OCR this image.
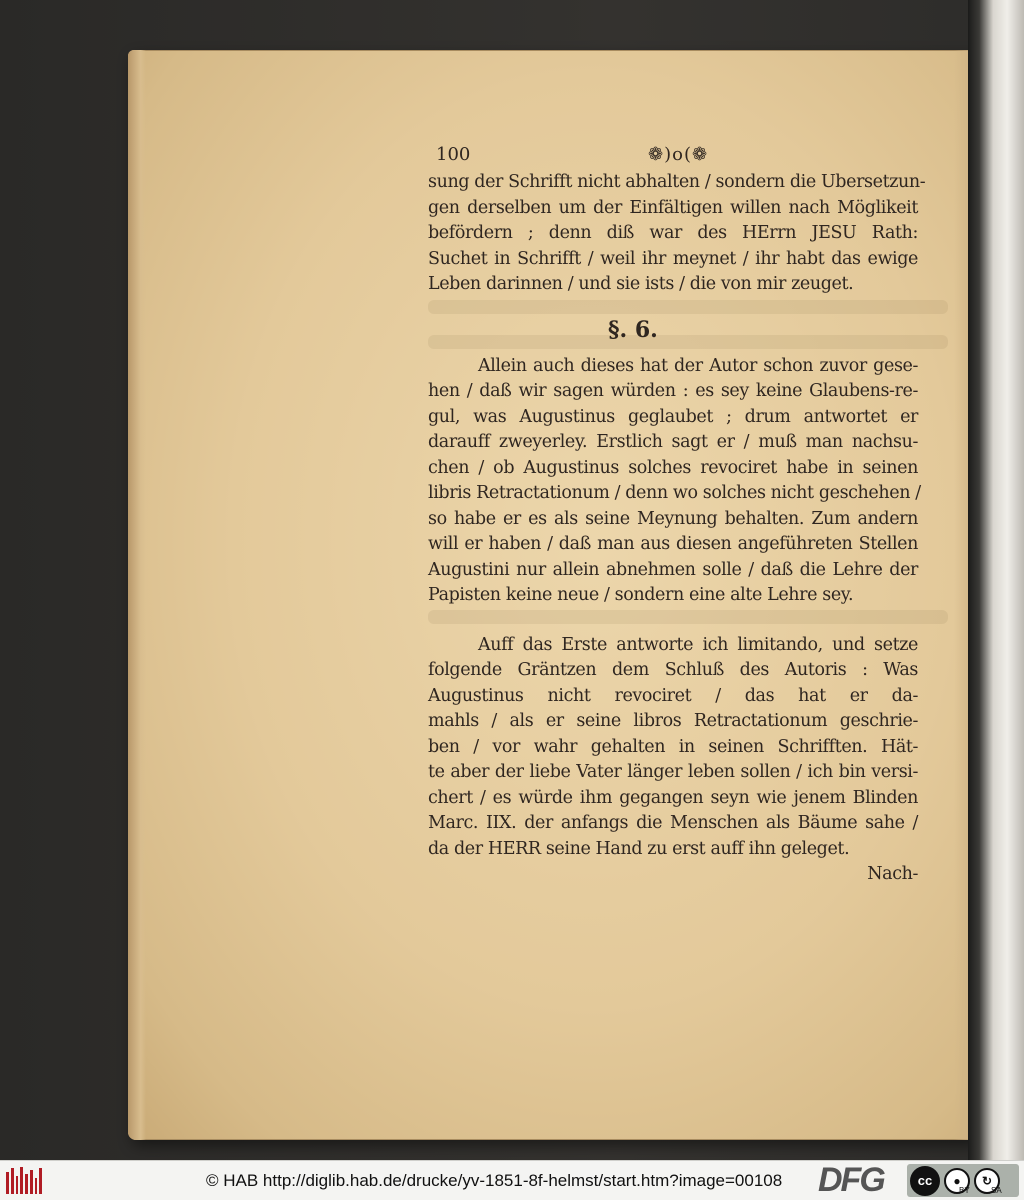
100	❁)o(❁
sung der Schrifft nicht abhalten / sondern die Ubersetzun-
gen derselben um der Einfältigen willen nach Möglikeit
befördern ; denn diß war des HErrn JESU Rath:
Suchet in Schrifft / weil ihr meynet / ihr habt das ewige
Leben darinnen / und sie ists / die von mir zeuget.
§. 6.
Allein auch dieses hat der Autor schon zuvor gese-
hen / daß wir sagen würden : es sey keine Glaubens-re-
gul, was Augustinus geglaubet ; drum antwortet er
darauff zweyerley. Erstlich sagt er / muß man nachsu-
chen / ob Augustinus solches revociret habe in seinen
libris Retractationum / denn wo solches nicht geschehen /
so habe er es als seine Meynung behalten. Zum andern
will er haben / daß man aus diesen angeführeten Stellen
Augustini nur allein abnehmen solle / daß die Lehre der
Papisten keine neue / sondern eine alte Lehre sey.
Auff das Erste antworte ich limitando, und setze
folgende Gräntzen dem Schluß des Autoris : Was
Augustinus nicht revociret / das hat er da-
mahls / als er seine libros Retractationum geschrie-
ben / vor wahr gehalten in seinen Schrifften. Hät-
te aber der liebe Vater länger leben sollen / ich bin versi-
chert / es würde ihm gegangen seyn wie jenem Blinden
Marc. IIX. der anfangs die Menschen als Bäume sahe /
da der HERR seine Hand zu erst auff ihn geleget.
Nach-
© HAB http://diglib.hab.de/drucke/yv-1851-8f-helmst/start.htm?image=00108 DFG	cc	●	↻
BY	SA
